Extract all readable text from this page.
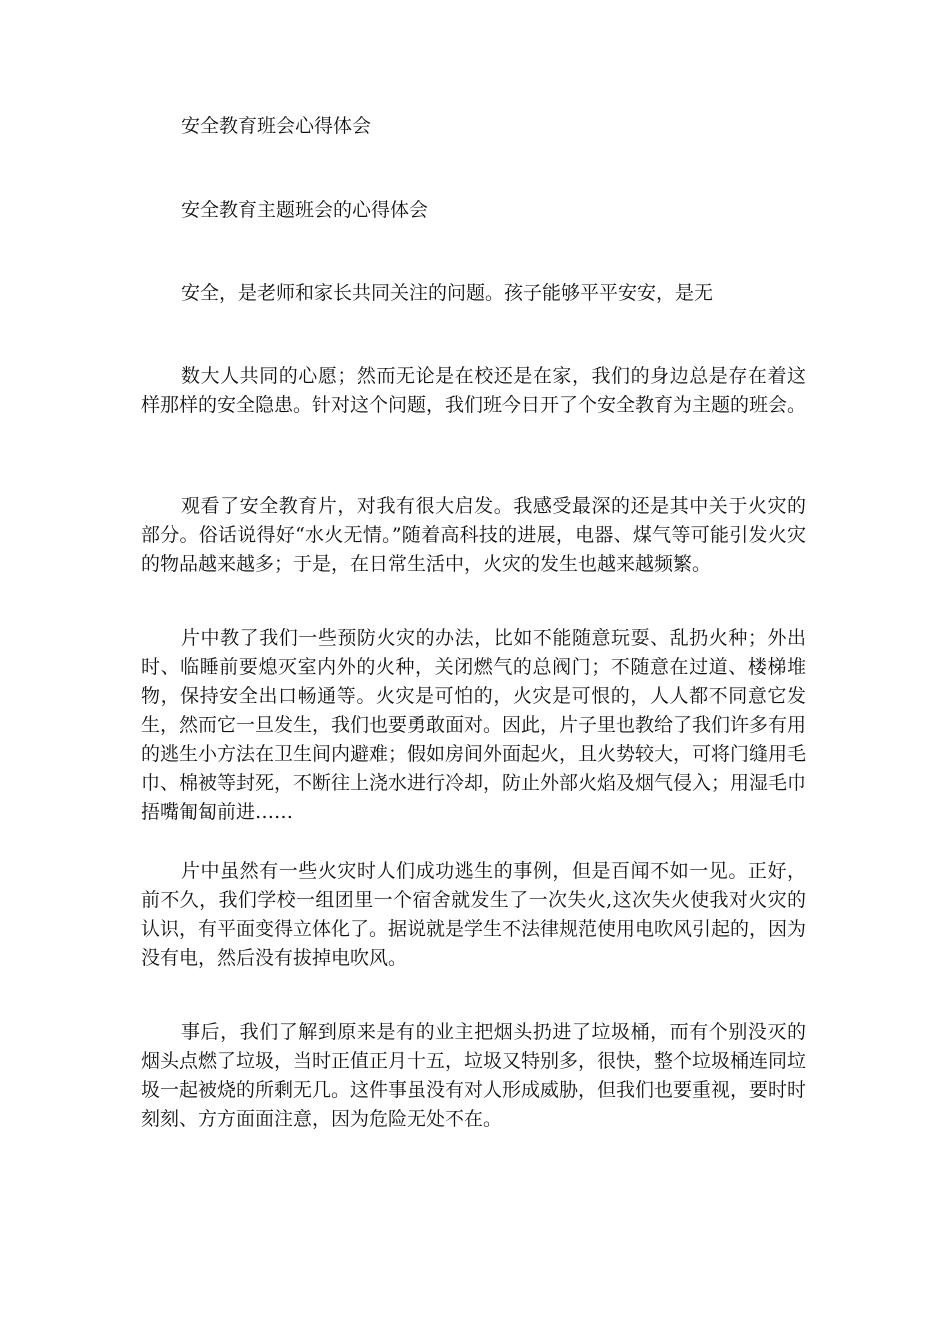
安全教育班会心得体会

安全教育主题班会的心得体会

安全，是老师和家长共同关注的问题。孩子能够平平安安，是无

数大人共同的心愿；然而无论是在校还是在家，我们的身边总是存在着这样那样的安全隐患。针对这个问题，我们班今日开了个安全教育为主题的班会。

观看了安全教育片，对我有很大启发。我感受最深的还是其中关于火灾的部分。俗话说得好“水火无情。”随着高科技的进展，电器、煤气等可能引发火灾的物品越来越多；于是，在日常生活中，火灾的发生也越来越频繁。

片中教了我们一些预防火灾的办法，比如不能随意玩耍、乱扔火种；外出时、临睡前要熄灭室内外的火种，关闭燃气的总阀门；不随意在过道、楼梯堆物，保持安全出口畅通等。火灾是可怕的，火灾是可恨的，人人都不同意它发生，然而它一旦发生，我们也要勇敢面对。因此，片子里也教给了我们许多有用的逃生小方法在卫生间内避难；假如房间外面起火，且火势较大，可将门缝用毛巾、棉被等封死，不断往上浇水进行冷却，防止外部火焰及烟气侵入；用湿毛巾捂嘴匍匐前进……

片中虽然有一些火灾时人们成功逃生的事例，但是百闻不如一见。正好，前不久，我们学校一组团里一个宿舍就发生了一次失火,这次失火使我对火灾的认识，有平面变得立体化了。据说就是学生不法律规范使用电吹风引起的，因为没有电，然后没有拔掉电吹风。

事后，我们了解到原来是有的业主把烟头扔进了垃圾桶，而有个别没灭的烟头点燃了垃圾，当时正值正月十五，垃圾又特别多，很快，整个垃圾桶连同垃圾一起被烧的所剩无几。这件事虽没有对人形成威胁，但我们也要重视，要时时刻刻、方方面面注意，因为危险无处不在。
